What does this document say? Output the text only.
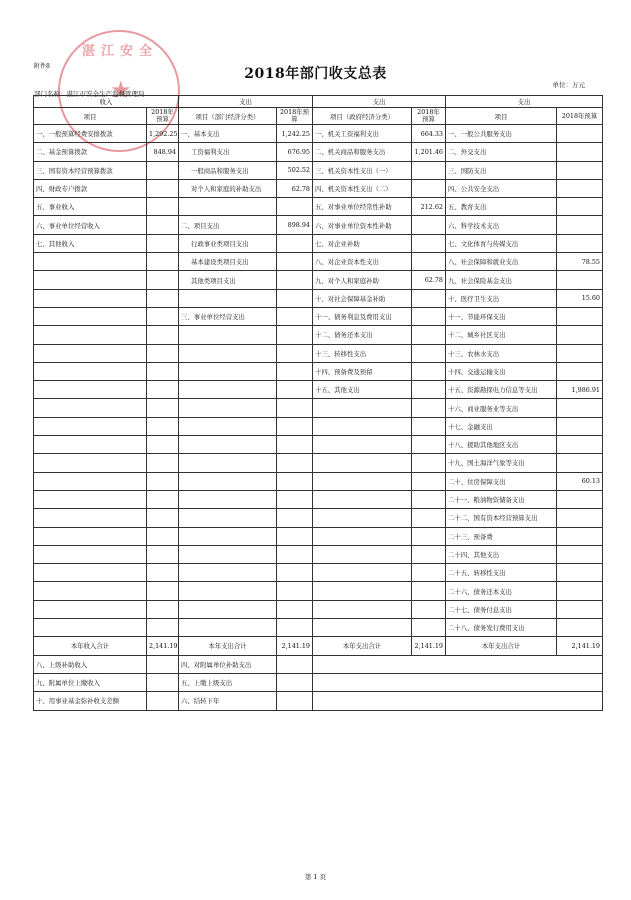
附件8
湛江安全
★
2018年部门收支总表
单位：万元
部门名称：湛江市安全生产监督管理局
收入		支出		支出		支出	
项目	2018年预算	项目（部门经济分类）	2018年预算	项目（政府经济分类）	2018年预算	项目	2018年预算
一、一般预算经费安排拨款	1,292.25	一、基本支出	1,242.25	一、机关工资福利支出	664.33	一、一般公共服务支出	
二、基金预算拨款	848.94	工资福利支出	676.95	二、机关商品和服务支出	1,201.46	二、外交支出	
三、国有资本经营预算拨款		一般商品和服务支出	502.52	三、机关资本性支出（一）		三、国防支出	
四、财政专户拨款		对个人和家庭的补助支出	62.78	四、机关资本性支出（二）		四、公共安全支出	
五、事业收入				五、对事业单位经常性补助	212.62	五、教育支出	
六、事业单位经营收入		二、项目支出	898.94	六、对事业单位资本性补助		六、科学技术支出	
七、其他收入		行政事业类项目支出		七、对企业补助		七、文化体育与传媒支出	
		基本建设类项目支出		八、对企业资本性支出		八、社会保障和就业支出	78.55
		其他类项目支出		九、对个人和家庭补助	62.78	九、社会保险基金支出	
				十、对社会保障基金补助		十、医疗卫生支出	15.60
		三、事业单位经营支出		十一、债务利息及费用支出		十一、节能环保支出	
				十二、债务还本支出		十二、城乡社区支出	
				十三、转移性支出		十三、农林水支出	
				十四、预备费及预留		十四、交通运输支出	
				十五、其他支出		十五、资源勘探电力信息等支出	1,986.91
						十六、商业服务业等支出	
						十七、金融支出	
						十八、援助其他地区支出	
						十九、国土海洋气象等支出	
						二十、住房保障支出	60.13
						二十一、粮油物资储备支出	
						二十二、国有资本经营预算支出	
						二十三、预备费	
						二十四、其他支出	
						二十五、转移性支出	
						二十六、债务还本支出	
						二十七、债务付息支出	
						二十八、债务发行费用支出	
本年收入合计	2,141.19	本年支出合计	2,141.19	本年支出合计	2,141.19	本年支出合计	2,141.19
八、上级补助收入		四、对附属单位补助支出					
九、附属单位上缴收入		五、上缴上级支出					
十、用事业基金弥补收支差额		六、结转下年					
第 1 页
